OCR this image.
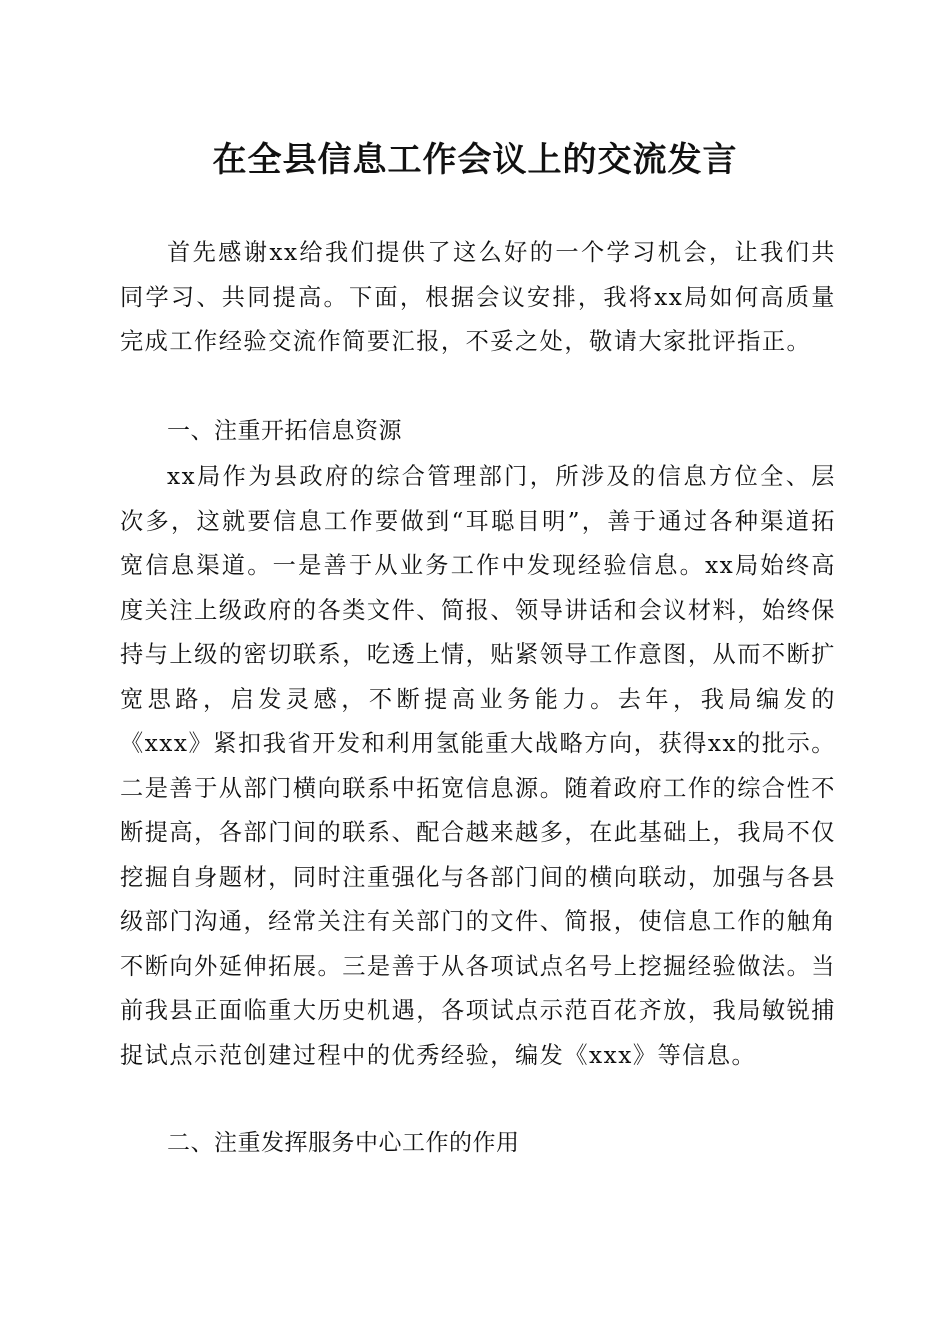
在全县信息工作会议上的交流发言

首先感谢xx给我们提供了这么好的一个学习机会，让我们共同学习、共同提高。下面，根据会议安排，我将xx局如何高质量完成工作经验交流作简要汇报，不妥之处，敬请大家批评指正。

一、注重开拓信息资源

xx局作为县政府的综合管理部门，所涉及的信息方位全、层次多，这就要信息工作要做到“耳聪目明”，善于通过各种渠道拓宽信息渠道。一是善于从业务工作中发现经验信息。xx局始终高度关注上级政府的各类文件、简报、领导讲话和会议材料，始终保持与上级的密切联系，吃透上情，贴紧领导工作意图，从而不断扩宽思路，启发灵感，不断提高业务能力。去年，我局编发的《xxx》紧扣我省开发和利用氢能重大战略方向，获得xx的批示。二是善于从部门横向联系中拓宽信息源。随着政府工作的综合性不断提高，各部门间的联系、配合越来越多，在此基础上，我局不仅挖掘自身题材，同时注重强化与各部门间的横向联动，加强与各县级部门沟通，经常关注有关部门的文件、简报，使信息工作的触角不断向外延伸拓展。三是善于从各项试点名号上挖掘经验做法。当前我县正面临重大历史机遇，各项试点示范百花齐放，我局敏锐捕捉试点示范创建过程中的优秀经验，编发《xxx》等信息。

二、注重发挥服务中心工作的作用
